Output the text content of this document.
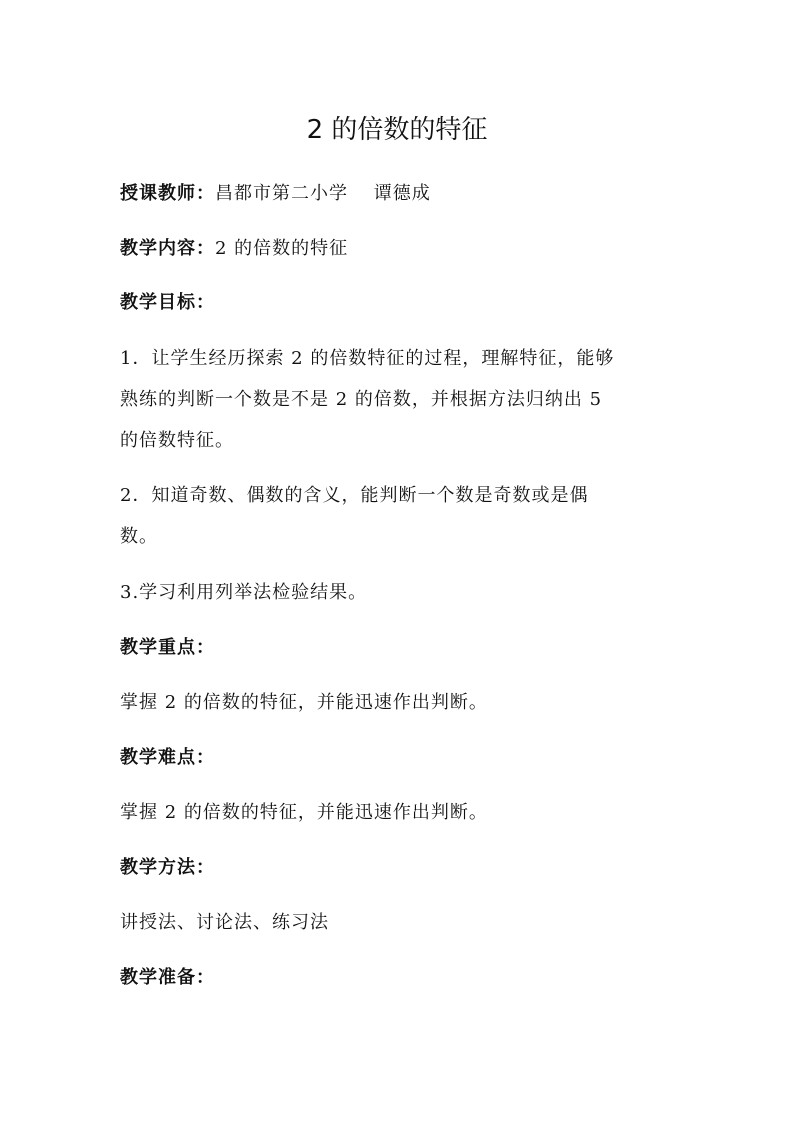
2 的倍数的特征
授课教师：昌都市第二小学　 谭德成
教学内容：2 的倍数的特征
教学目标：
1．让学生经历探索 2 的倍数特征的过程，理解特征，能够
熟练的判断一个数是不是 2 的倍数，并根据方法归纳出 5
的倍数特征。
2．知道奇数、偶数的含义，能判断一个数是奇数或是偶
数。
3.学习利用列举法检验结果。
教学重点：
掌握 2 的倍数的特征，并能迅速作出判断。
教学难点：
掌握 2 的倍数的特征，并能迅速作出判断。
教学方法：
讲授法、讨论法、练习法
教学准备：
